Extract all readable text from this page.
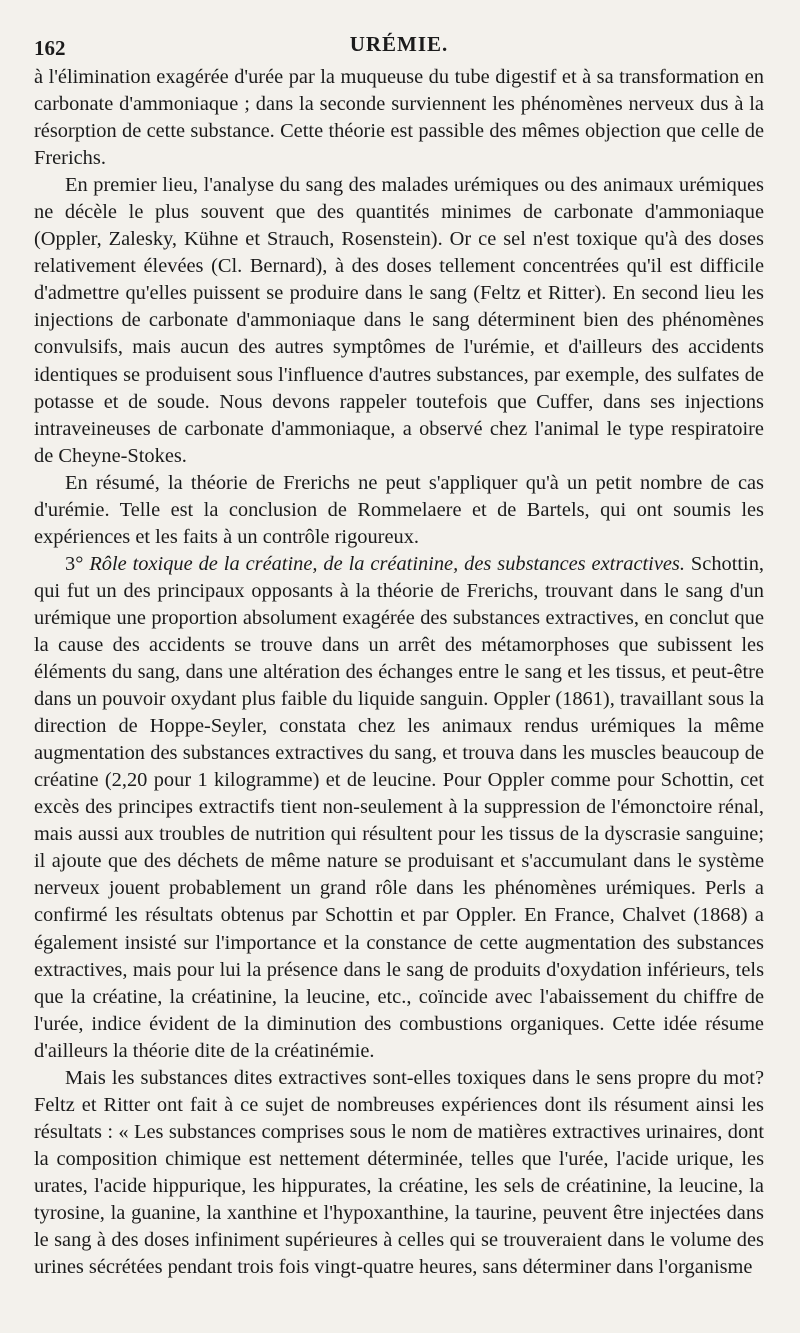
162	URÉMIE.

à l'élimination exagérée d'urée par la muqueuse du tube digestif et à sa transformation en carbonate d'ammoniaque ; dans la seconde surviennent les phénomènes nerveux dus à la résorption de cette substance. Cette théorie est passible des mêmes objection que celle de Frerichs.

En premier lieu, l'analyse du sang des malades urémiques ou des animaux urémiques ne décèle le plus souvent que des quantités minimes de carbonate d'ammoniaque (Oppler, Zalesky, Kühne et Strauch, Rosenstein). Or ce sel n'est toxique qu'à des doses relativement élevées (Cl. Bernard), à des doses tellement concentrées qu'il est difficile d'admettre qu'elles puissent se produire dans le sang (Feltz et Ritter). En second lieu les injections de carbonate d'ammoniaque dans le sang déterminent bien des phénomènes convulsifs, mais aucun des autres symptômes de l'urémie, et d'ailleurs des accidents identiques se produisent sous l'influence d'autres substances, par exemple, des sulfates de potasse et de soude. Nous devons rappeler toutefois que Cuffer, dans ses injections intraveineuses de carbonate d'ammoniaque, a observé chez l'animal le type respiratoire de Cheyne-Stokes.

En résumé, la théorie de Frerichs ne peut s'appliquer qu'à un petit nombre de cas d'urémie. Telle est la conclusion de Rommelaere et de Bartels, qui ont soumis les expériences et les faits à un contrôle rigoureux.

3° Rôle toxique de la créatine, de la créatinine, des substances extractives. Schottin, qui fut un des principaux opposants à la théorie de Frerichs, trouvant dans le sang d'un urémique une proportion absolument exagérée des substances extractives, en conclut que la cause des accidents se trouve dans un arrêt des métamorphoses que subissent les éléments du sang, dans une altération des échanges entre le sang et les tissus, et peut-être dans un pouvoir oxydant plus faible du liquide sanguin. Oppler (1861), travaillant sous la direction de Hoppe-Seyler, constata chez les animaux rendus urémiques la même augmentation des substances extractives du sang, et trouva dans les muscles beaucoup de créatine (2,20 pour 1 kilogramme) et de leucine. Pour Oppler comme pour Schottin, cet excès des principes extractifs tient non-seulement à la suppression de l'émonctoire rénal, mais aussi aux troubles de nutrition qui résultent pour les tissus de la dyscrasie sanguine; il ajoute que des déchets de même nature se produisant et s'accumulant dans le système nerveux jouent probablement un grand rôle dans les phénomènes urémiques. Perls a confirmé les résultats obtenus par Schottin et par Oppler. En France, Chalvet (1868) a également insisté sur l'importance et la constance de cette augmentation des substances extractives, mais pour lui la présence dans le sang de produits d'oxydation inférieurs, tels que la créatine, la créatinine, la leucine, etc., coïncide avec l'abaissement du chiffre de l'urée, indice évident de la diminution des combustions organiques. Cette idée résume d'ailleurs la théorie dite de la créatinémie.

Mais les substances dites extractives sont-elles toxiques dans le sens propre du mot? Feltz et Ritter ont fait à ce sujet de nombreuses expériences dont ils résument ainsi les résultats : « Les substances comprises sous le nom de matières extractives urinaires, dont la composition chimique est nettement déterminée, telles que l'urée, l'acide urique, les urates, l'acide hippurique, les hippurates, la créatine, les sels de créatinine, la leucine, la tyrosine, la guanine, la xanthine et l'hypoxanthine, la taurine, peuvent être injectées dans le sang à des doses infiniment supérieures à celles qui se trouveraient dans le volume des urines sécrétées pendant trois fois vingt-quatre heures, sans déterminer dans l'organisme
